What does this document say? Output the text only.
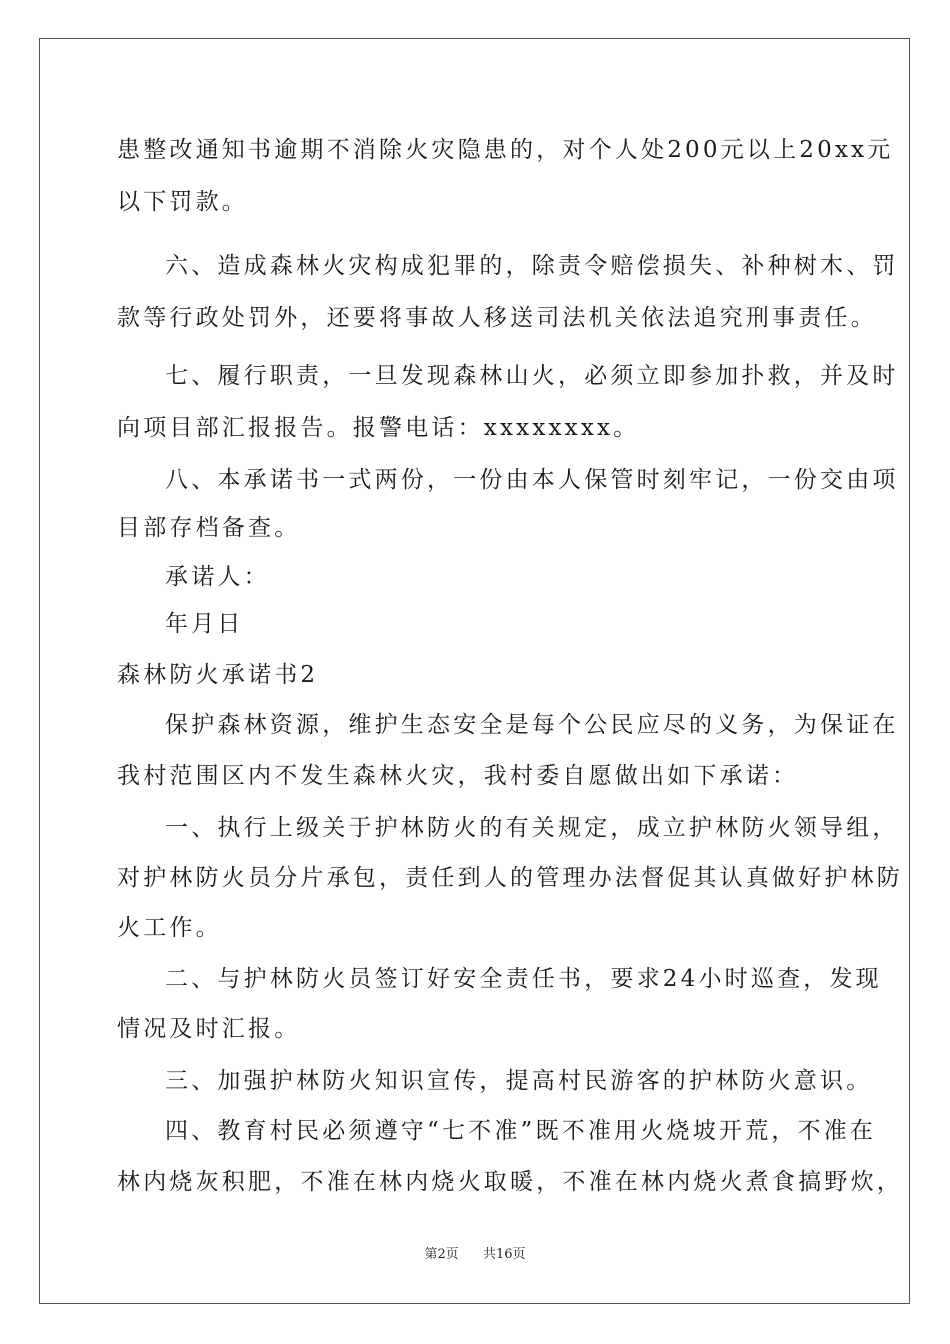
患整改通知书逾期不消除火灾隐患的，对个人处200元以上20xx元
以下罚款。
六、造成森林火灾构成犯罪的，除责令赔偿损失、补种树木、罚
款等行政处罚外，还要将事故人移送司法机关依法追究刑事责任。
七、履行职责，一旦发现森林山火，必须立即参加扑救，并及时
向项目部汇报报告。报警电话：xxxxxxxx。
八、本承诺书一式两份，一份由本人保管时刻牢记，一份交由项
目部存档备查。
承诺人：
年月日
森林防火承诺书2
保护森林资源，维护生态安全是每个公民应尽的义务，为保证在
我村范围区内不发生森林火灾，我村委自愿做出如下承诺：
一、执行上级关于护林防火的有关规定，成立护林防火领导组，
对护林防火员分片承包，责任到人的管理办法督促其认真做好护林防
火工作。
二、与护林防火员签订好安全责任书，要求24小时巡查，发现
情况及时汇报。
三、加强护林防火知识宣传，提高村民游客的护林防火意识。
四、教育村民必须遵守“七不准”既不准用火烧坡开荒，不准在
林内烧灰积肥，不准在林内烧火取暖，不准在林内烧火煮食搞野炊，
第2页 共16页
